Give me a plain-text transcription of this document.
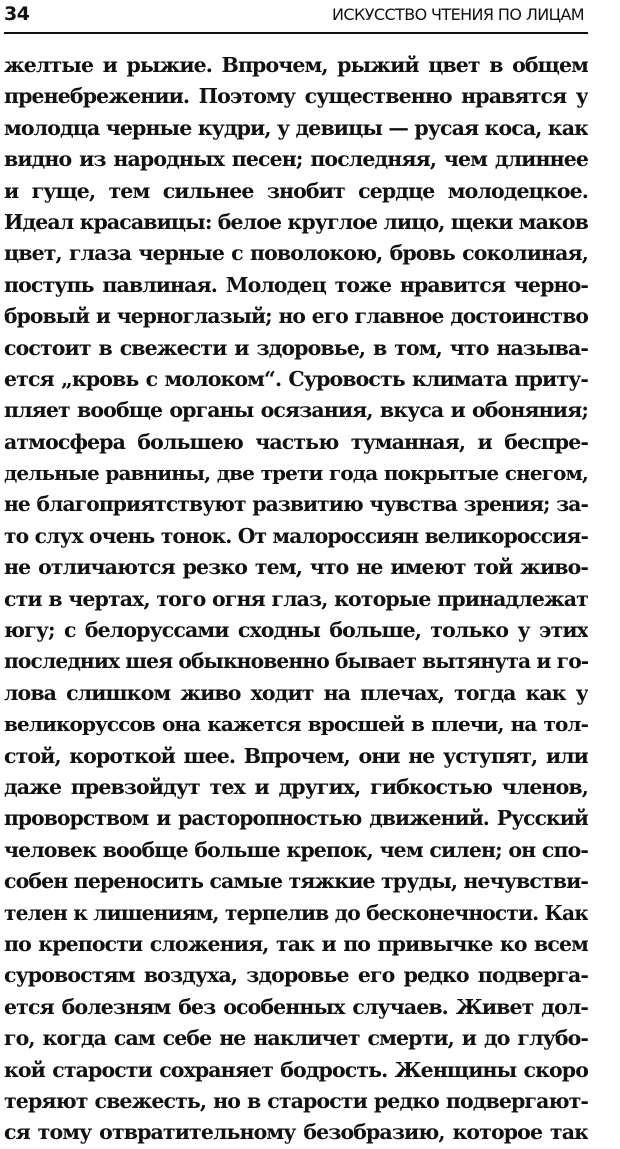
34	ИСКУССТВО ЧТЕНИЯ ПО ЛИЦАМ
желтые и рыжие. Впрочем, рыжий цвет в общем
пренебрежении. Поэтому существенно нравятся у
молодца черные кудри, у девицы — русая коса, как
видно из народных песен; последняя, чем длиннее
и гуще, тем сильнее знобит сердце молодецкое.
Идеал красавицы: белое круглое лицо, щеки маков
цвет, глаза черные с поволокою, бровь соколиная,
поступь павлиная. Молодец тоже нравится черно-
бровый и черноглазый; но его главное достоинство
состоит в свежести и здоровье, в том, что называ-
ется „кровь с молоком“. Суровость климата приту-
пляет вообще органы осязания, вкуса и обоняния;
атмосфера большею частью туманная, и беспре-
дельные равнины, две трети года покрытые снегом,
не благоприятствуют развитию чувства зрения; за-
то слух очень тонок. От малороссиян великороссия-
не отличаются резко тем, что не имеют той живо-
сти в чертах, того огня глаз, которые принадлежат
югу; с белоруссами сходны больше, только у этих
последних шея обыкновенно бывает вытянута и го-
лова слишком живо ходит на плечах, тогда как у
великоруссов она кажется вросшей в плечи, на тол-
стой, короткой шее. Впрочем, они не уступят, или
даже превзойдут тех и других, гибкостью членов,
проворством и расторопностью движений. Русский
человек вообще больше крепок, чем силен; он спо-
собен переносить самые тяжкие труды, нечувстви-
телен к лишениям, терпелив до бесконечности. Как
по крепости сложения, так и по привычке ко всем
суровостям воздуха, здоровье его редко подверга-
ется болезням без особенных случаев. Живет дол-
го, когда сам себе не накличет смерти, и до глубо-
кой старости сохраняет бодрость. Женщины скоро
теряют свежесть, но в старости редко подвергают-
ся тому отвратительному безобразию, которое так
